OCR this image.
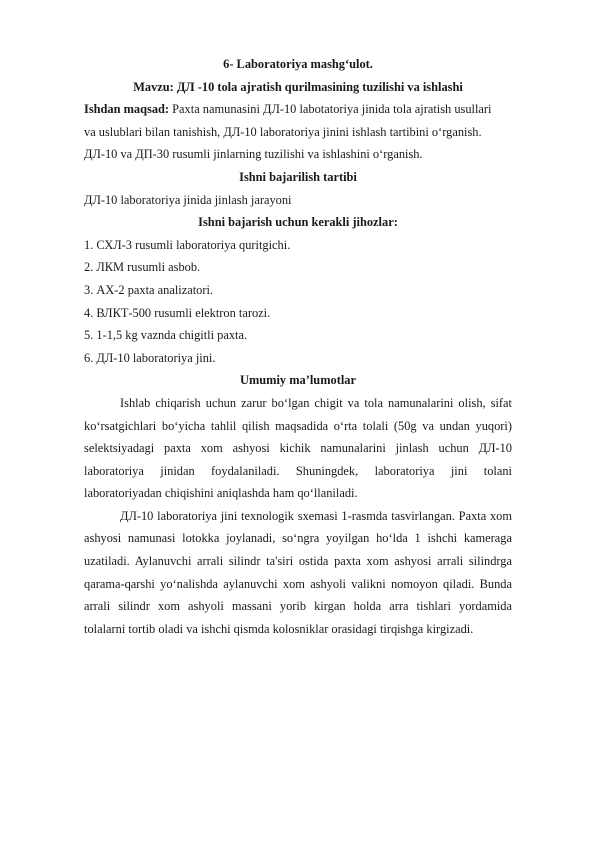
6- Laboratoriya mashg‘ulot.
Mavzu: ДЛ -10 tola ajratish qurilmasining tuzilishi va ishlashi
Ishdan maqsad: Paxta namunasini ДЛ-10 labotatoriya jinida tola ajratish usullari
va uslublari bilan tanishish, ДЛ-10 laboratoriya jinini ishlash tartibini o‘rganish.
ДЛ-10 va ДП-30 rusumli jinlarning tuzilishi va ishlashini o‘rganish.
Ishni bajarilish tartibi
ДЛ-10 laboratoriya jinida jinlash jarayoni
Ishni bajarish uchun kerakli jihozlar:
1. СХЛ-3 rusumli laboratoriya quritgichi.
2. ЛКМ rusumli asbob.
3. АХ-2 paxta analizatori.
4. ВЛКТ-500 rusumli elektron tarozi.
5. 1-1,5 kg vaznda chigitli paxta.
6. ДЛ-10 laboratoriya jini.
Umumiy ma’lumotlar
Ishlab chiqarish uchun zarur bo‘lgan chigit va tola namunalarini olish, sifat
ko‘rsatgichlari bo‘yicha tahlil qilish maqsadida o‘rta tolali (50g va undan yuqori)
selektsiyadagi paxta xom ashyosi kichik namunalarini jinlash uchun ДЛ-10
laboratoriya jinidan foydalaniladi. Shuningdek, laboratoriya jini tolani
laboratoriyadan chiqishini aniqlashda ham qo‘llaniladi.
ДЛ-10 laboratoriya jini texnologik sxemasi 1-rasmda tasvirlangan. Paxta xom
ashyosi namunasi lotokka joylanadi, so‘ngra yoyilgan ho‘lda 1 ishchi kameraga
uzatiladi. Aylanuvchi arrali silindr ta'siri ostida paxta xom ashyosi arrali silindrga
qarama-qarshi yo‘nalishda aylanuvchi xom ashyoli valikni nomoyon qiladi. Bunda
arrali silindr xom ashyoli massani yorib kirgan holda arra tishlari yordamida
tolalarni tortib oladi va ishchi qismda kolosniklar orasidagi tirqishga kirgizadi.
